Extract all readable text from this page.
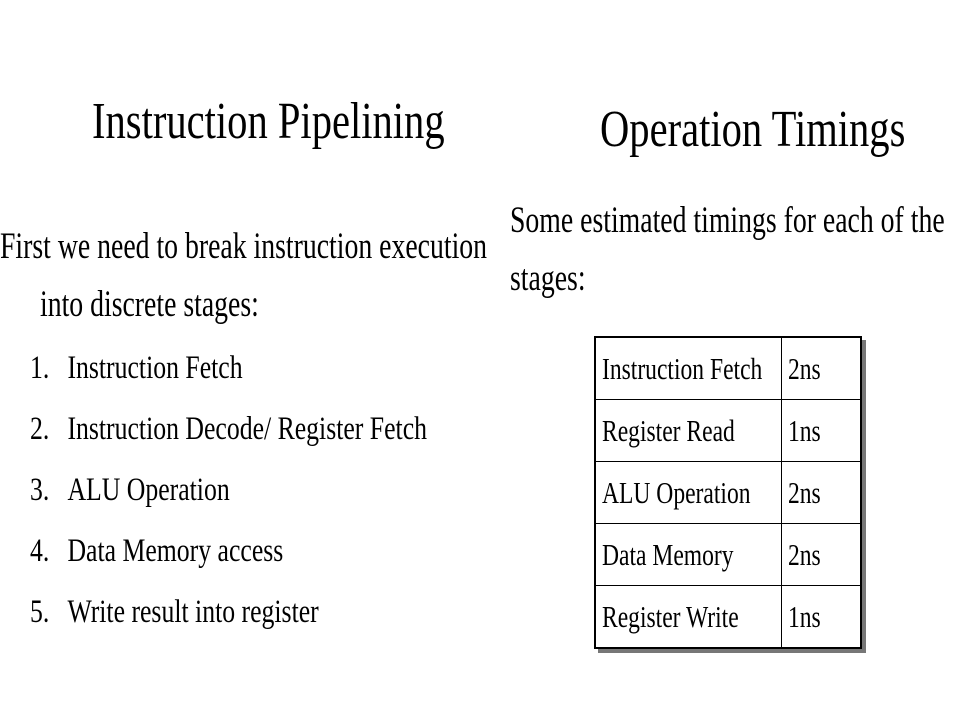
Instruction Pipelining	Operation Timings
First we need to break instruction execution
into discrete stages:
1. Instruction Fetch
2. Instruction Decode/ Register Fetch
3. ALU Operation
4. Data Memory access
5. Write result into register
Some estimated timings for each of the
stages:
Instruction Fetch	2ns
Register Read	1ns
ALU Operation	2ns
Data Memory	2ns
Register Write	1ns
